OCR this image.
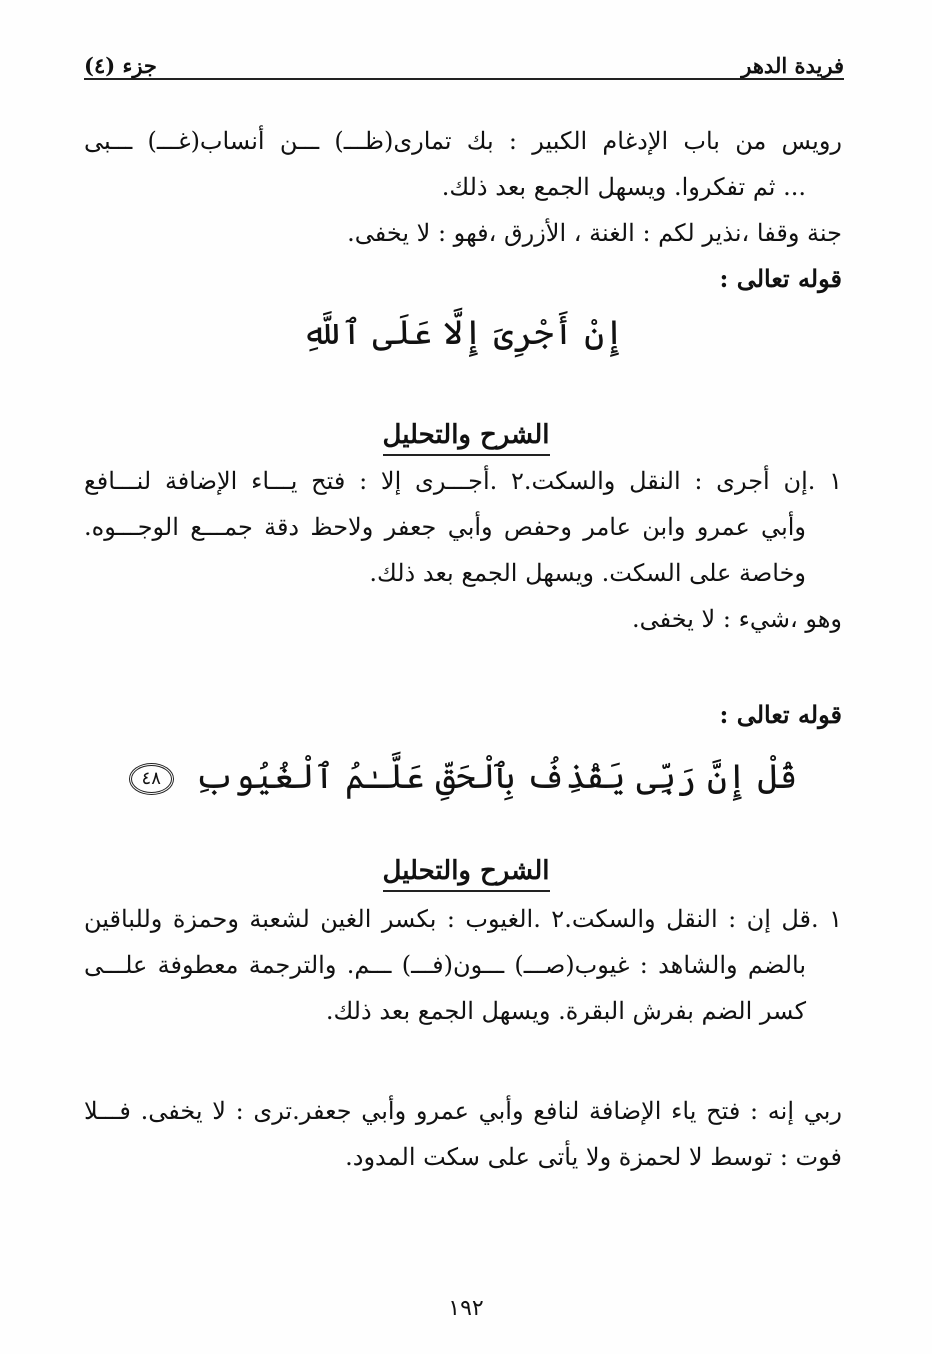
فريدة الدهر
جزء (٤)
رويس من باب الإدغام الكبير : بك تمارى(ظـــ) ـــن أنساب(غـــ) ـــبى
... ثم تفكروا. ويسهل الجمع بعد ذلك.
جنة وقفا ،نذير لكم : الغنة ، الأزرق ،فهو : لا يخفى.
قوله تعالى :
إِنْ أَجْرِىَ إِلَّا عَلَى ٱللَّهِ
الشرح والتحليل
١ .إن أجرى : النقل والسكت.٢ .أجـــرى إلا : فتح يـــاء الإضافة لنـــافع
وأبي عمرو وابن عامر وحفص وأبي جعفر ولاحظ دقة جمـــع الوجـــوه.
وخاصة على السكت. ويسهل الجمع بعد ذلك.
وهو ،شيء : لا يخفى.
قوله تعالى :
قُلْ إِنَّ رَبِّى يَقْذِفُ بِٱلْحَقِّ عَلَّـٰمُ ٱلْغُيُوبِ ٤٨
الشرح والتحليل
١ .قل إن : النقل والسكت.٢ .الغيوب : بكسر الغين لشعبة وحمزة وللباقين
بالضم والشاهد : غيوب(صـــ) ـــون(فـــ) ـــم. والترجمة معطوفة علـــى
كسر الضم بفرش البقرة. ويسهل الجمع بعد ذلك.
ربي إنه : فتح ياء الإضافة لنافع وأبي عمرو وأبي جعفر.ترى : لا يخفى. فـــلا
فوت : توسط لا لحمزة ولا يأتى على سكت المدود.
١٩٢
